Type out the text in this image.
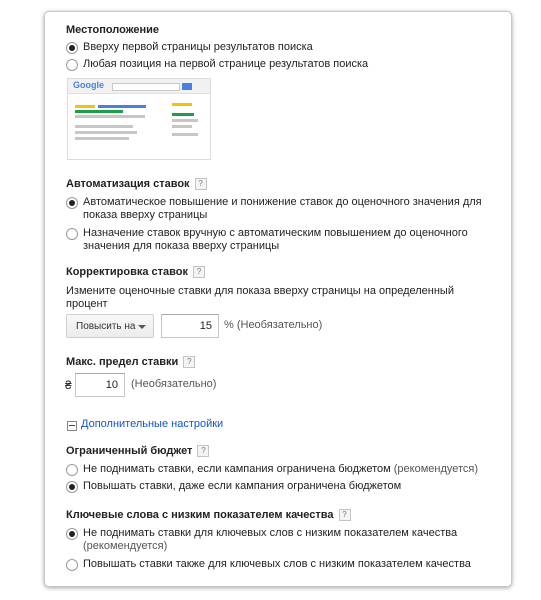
Местоположение
Вверху первой страницы результатов поиска
Любая позиция на первой странице результатов поиска
Google
Автоматизация ставок ?
Автоматическое повышение и понижение ставок до оценочного значения для
показа вверху страницы
Назначение ставок вручную с автоматическим повышением до оценочного
значения для показа вверху страницы
Корректировка ставок ?
Измените оценочные ставки для показа вверху страницы на определенный
процент
Повысить на	15	% (Необязательно)
Макс. предел ставки ?
₴	10	(Необязательно)
Дополнительные настройки
Ограниченный бюджет ?
Не поднимать ставки, если кампания ограничена бюджетом (рекомендуется)
Повышать ставки, даже если кампания ограничена бюджетом
Ключевые слова с низким показателем качества ?
Не поднимать ставки для ключевых слов с низким показателем качества
(рекомендуется)
Повышать ставки также для ключевых слов с низким показателем качества
